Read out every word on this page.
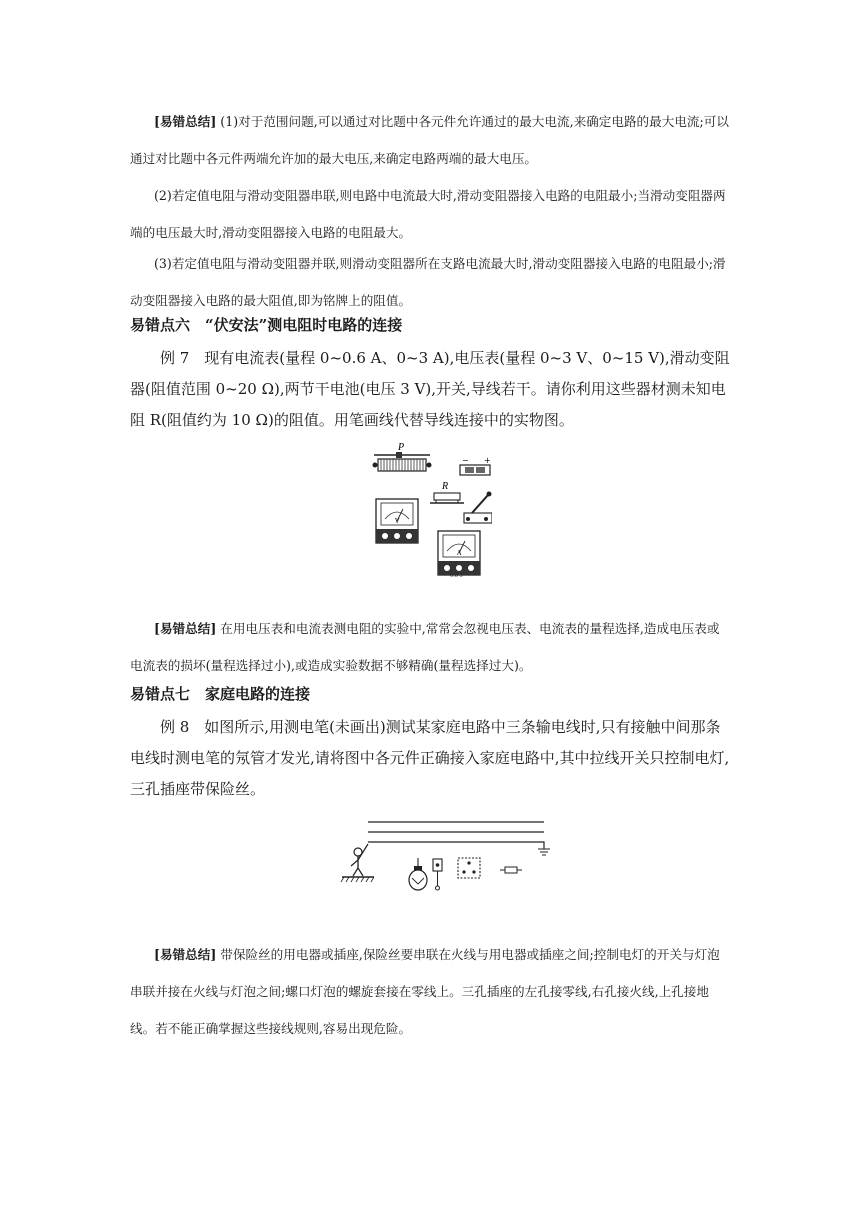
[易错总结] (1)对于范围问题,可以通过对比题中各元件允许通过的最大电流,来确定电路的最大电流;可以通过对比题中各元件两端允许加的最大电压,来确定电路两端的最大电压。

(2)若定值电阻与滑动变阻器串联,则电路中电流最大时,滑动变阻器接入电路的电阻最小;当滑动变阻器两端的电压最大时,滑动变阻器接入电路的电阻最大。

(3)若定值电阻与滑动变阻器并联,则滑动变阻器所在支路电流最大时,滑动变阻器接入电路的电阻最小;滑动变阻器接入电路的最大阻值,即为铭牌上的阻值。

易错点六　“伏安法”测电阻时电路的连接

例 7　现有电流表(量程 0~0.6 A、0~3 A),电压表(量程 0~3 V、0~15 V),滑动变阻器(阻值范围 0~20 Ω),两节干电池(电压 3 V),开关,导线若干。请你利用这些器材测未知电阻 R(阻值约为 10 Ω)的阻值。用笔画线代替导线连接中的实物图。

P
− +
R
V
A
0.6 3

[易错总结] 在用电压表和电流表测电阻的实验中,常常会忽视电压表、电流表的量程选择,造成电压表或电流表的损坏(量程选择过小),或造成实验数据不够精确(量程选择过大)。

易错点七　家庭电路的连接

例 8　如图所示,用测电笔(未画出)测试某家庭电路中三条输电线时,只有接触中间那条电线时测电笔的氖管才发光,请将图中各元件正确接入家庭电路中,其中拉线开关只控制电灯,三孔插座带保险丝。

[易错总结] 带保险丝的用电器或插座,保险丝要串联在火线与用电器或插座之间;控制电灯的开关与灯泡串联并接在火线与灯泡之间;螺口灯泡的螺旋套接在零线上。三孔插座的左孔接零线,右孔接火线,上孔接地线。若不能正确掌握这些接线规则,容易出现危险。
